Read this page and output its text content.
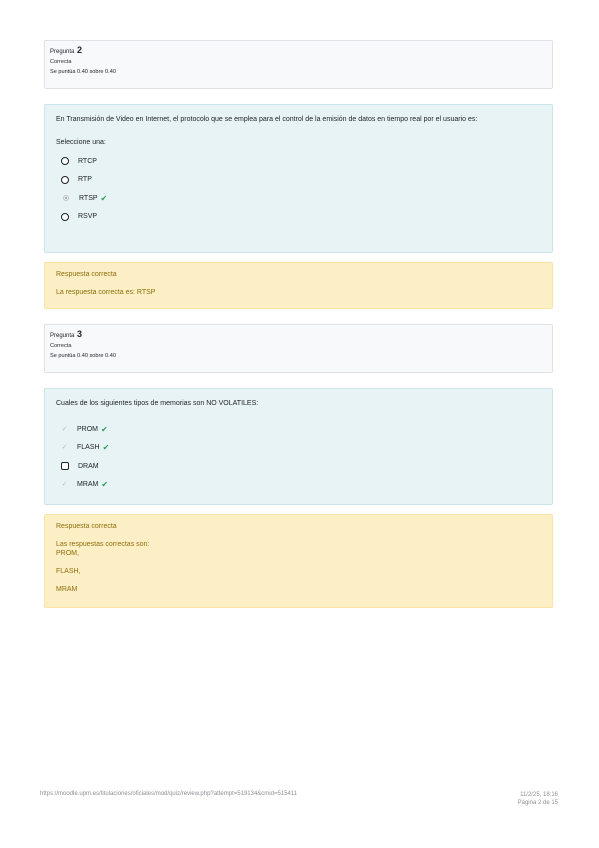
Pregunta 2
Correcta
Se puntúa 0.40 sobre 0.40
En Transmisión de Video en Internet, el protocolo que se emplea para el control de la emisión de datos en tiempo real por el usuario es:
Seleccione una:
RTCP
RTP
RTSP ✔
RSVP
Respuesta correcta
La respuesta correcta es: RTSP
Pregunta 3
Correcta
Se puntúa 0.40 sobre 0.40
Cuales de los siguientes tipos de memorias son NO VOLATILES:
✓ PROM ✔
✓ FLASH ✔
DRAM
✓ MRAM ✔
Respuesta correcta
Las respuestas correctas son:
PROM,
FLASH,
MRAM
https://moodle.upm.es/titulaciones/oficiales/mod/quiz/review.php?attempt=519134&cmid=515411	11/2/25, 18:16
Página 2 de 15
